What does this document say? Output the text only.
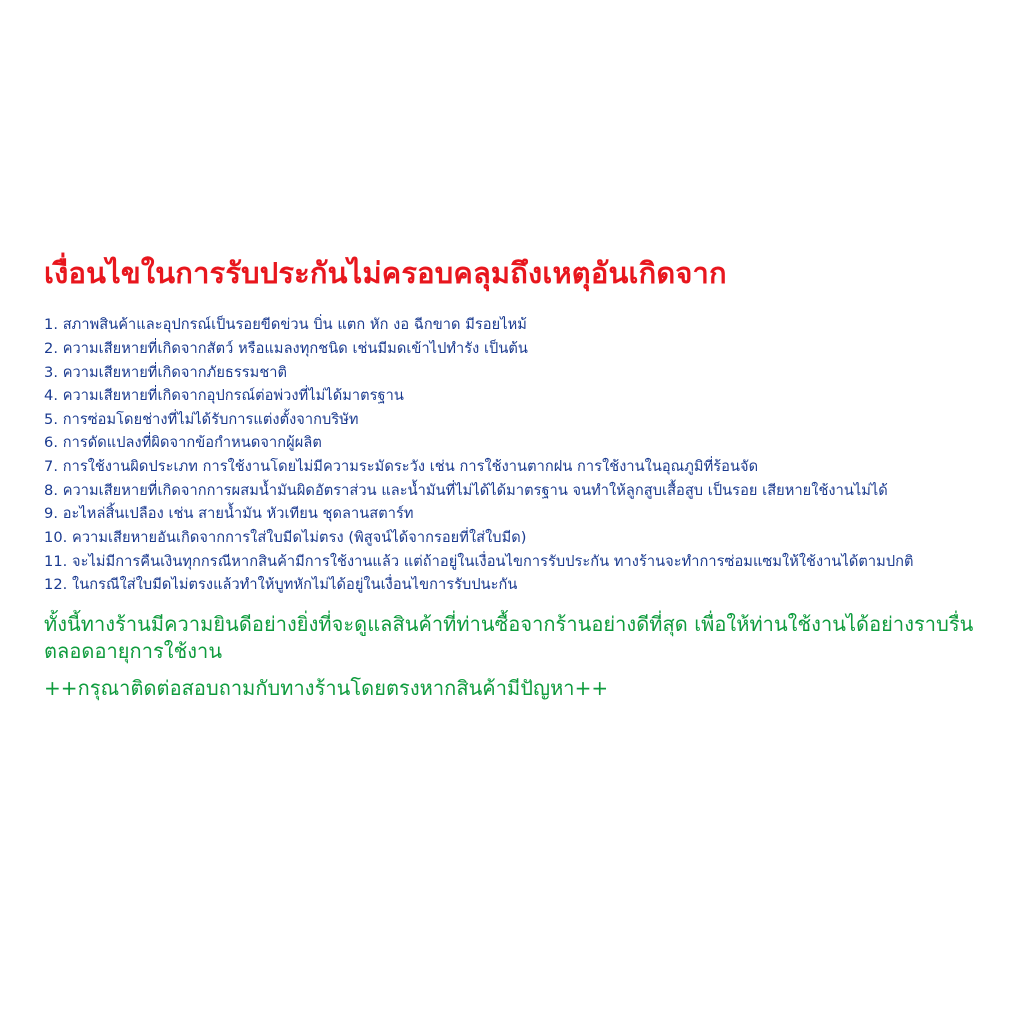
เงื่อนไขในการรับประกันไม่ครอบคลุมถึงเหตุอันเกิดจาก
1. สภาพสินค้าและอุปกรณ์เป็นรอยขีดข่วน บิ่น แตก หัก งอ ฉีกขาด มีรอยไหม้
2. ความเสียหายที่เกิดจากสัตว์ หรือแมลงทุกชนิด เช่นมีมดเข้าไปทำรัง เป็นต้น
3. ความเสียหายที่เกิดจากภัยธรรมชาติ
4. ความเสียหายที่เกิดจากอุปกรณ์ต่อพ่วงที่ไม่ได้มาตรฐาน
5. การซ่อมโดยช่างที่ไม่ได้รับการแต่งตั้งจากบริษัท
6. การดัดแปลงที่ผิดจากข้อกำหนดจากผู้ผลิต
7. การใช้งานผิดประเภท การใช้งานโดยไม่มีความระมัดระวัง เช่น การใช้งานตากฝน การใช้งานในอุณภูมิที่ร้อนจัด
8. ความเสียหายที่เกิดจากการผสมน้ำมันผิดอัตราส่วน และน้ำมันที่ไม่ได้ได้มาตรฐาน จนทำให้ลูกสูบเสื้อสูบ เป็นรอย เสียหายใช้งานไม่ได้
9. อะไหล่สิ้นเปลือง เช่น สายน้ำมัน หัวเทียน ชุดลานสตาร์ท
10. ความเสียหายอันเกิดจากการใส่ใบมีดไม่ตรง (พิสูจน์ได้จากรอยที่ใส่ใบมีด)
11. จะไม่มีการคืนเงินทุกกรณีหากสินค้ามีการใช้งานแล้ว แต่ถ้าอยู่ในเงื่อนไขการรับประกัน ทางร้านจะทำการซ่อมแซมให้ใช้งานได้ตามปกติ
12. ในกรณีใส่ใบมีดไม่ตรงแล้วทำให้บูทหักไม่ได้อยู่ในเงื่อนไขการรับปนะกัน

ทั้งนี้ทางร้านมีความยินดีอย่างยิ่งที่จะดูแลสินค้าที่ท่านซื้อจากร้านอย่างดีที่สุด เพื่อให้ท่านใช้งานได้อย่างราบรื่นตลอดอายุการใช้งาน

++กรุณาติดต่อสอบถามกับทางร้านโดยตรงหากสินค้ามีปัญหา++
